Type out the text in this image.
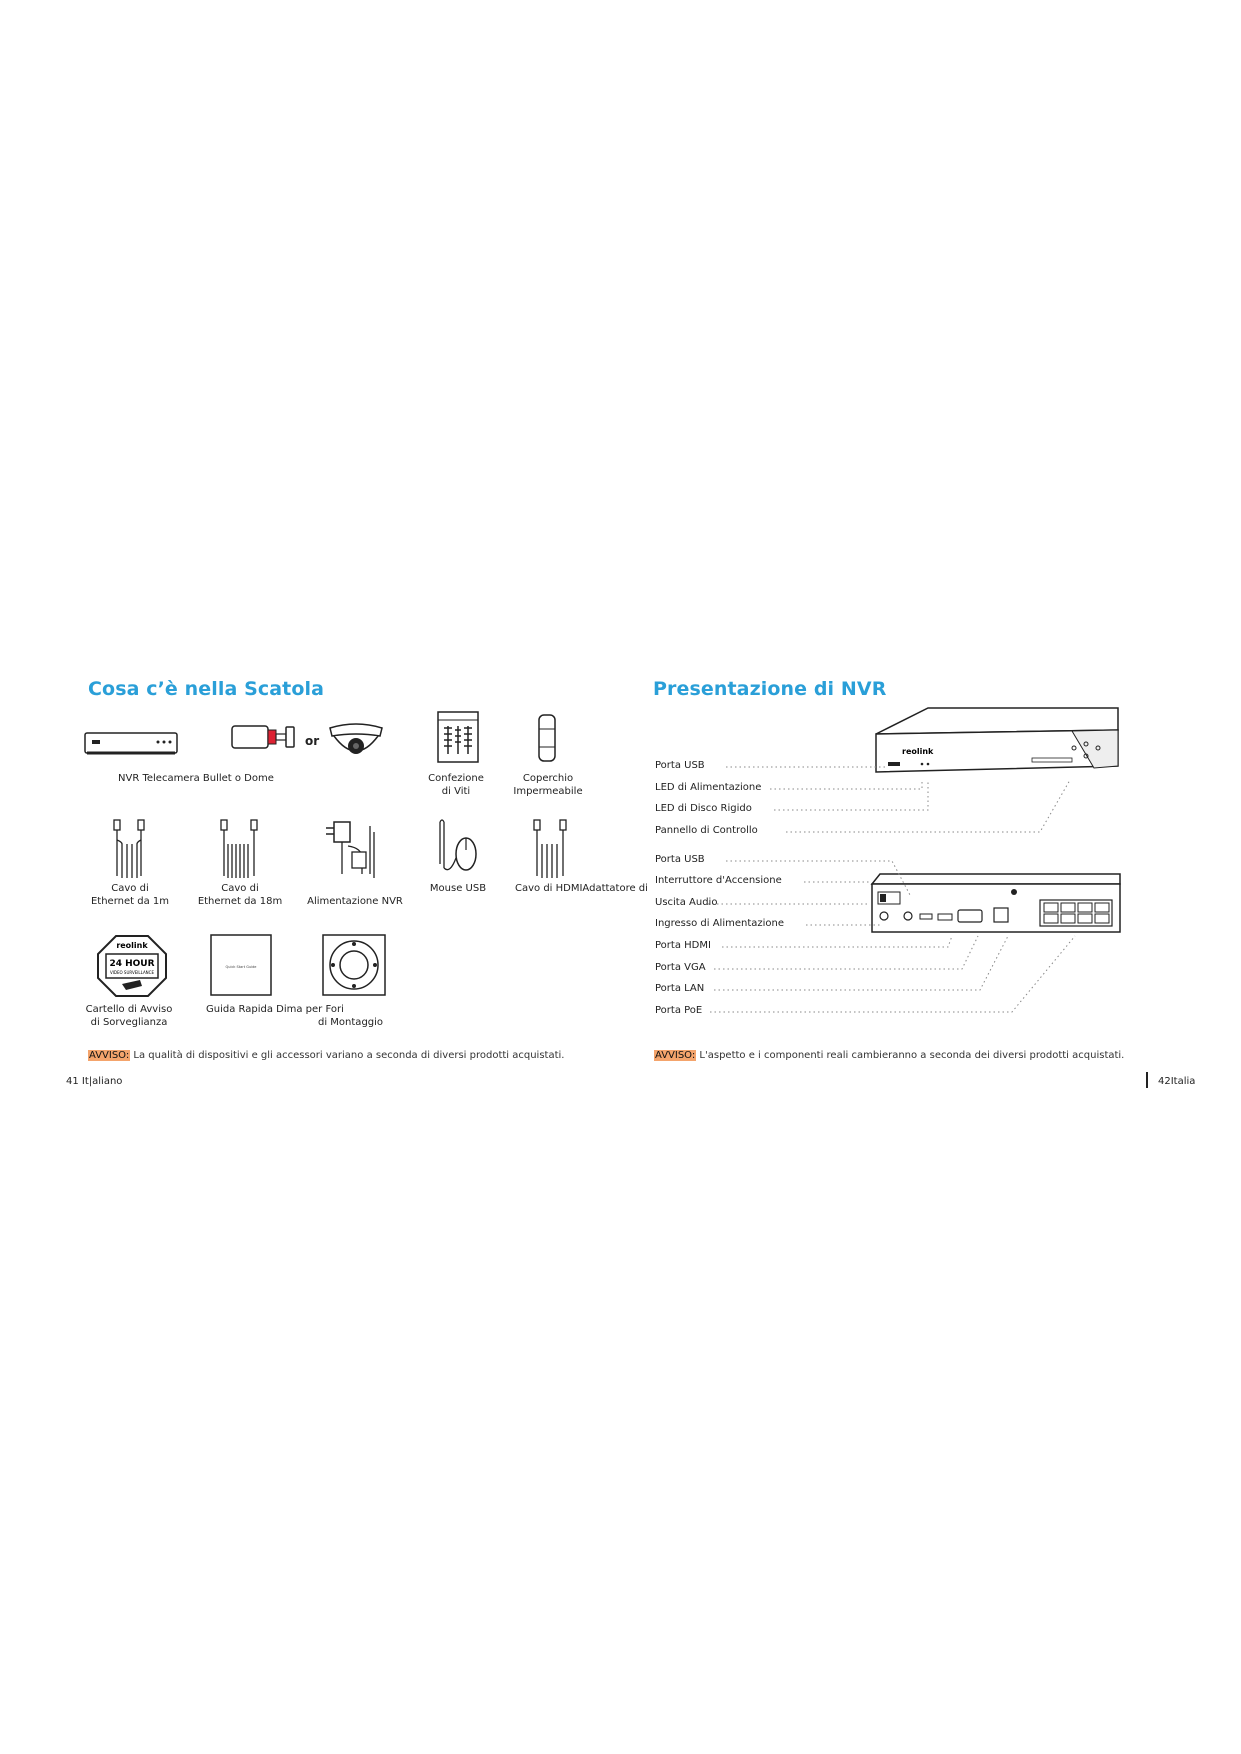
Cosa c’è nella Scatola
or
NVR Telecamera Bullet o Dome	Confezione
di Viti
Coperchio
Impermeabile
Cavo di
Ethernet da 1m
Cavo di
Ethernet da 18m	Alimentazione NVR
Mouse USB	Cavo di HDMIAdattatore di
reolink
24 HOUR
VIDEO SURVEILLANCE
Quick Start Guide
Cartello di Avviso
di Sorveglianza
Guida Rapida Dima per Fori
di Montaggio
AVVISO: La qualità di dispositivi e gli accessori variano a seconda di diversi prodotti acquistati.
41 It|aliano
Presentazione di NVR
reolink
Porta USB
LED di Alimentazione
LED di Disco Rigido
Pannello di Controllo
Porta USB
Interruttore d'Accensione
Uscita Audio
Ingresso di Alimentazione
Porta HDMI
Porta VGA
Porta LAN
Porta PoE
AVVISO: L'aspetto e i componenti reali cambieranno a seconda dei diversi prodotti acquistati.
42Italia
